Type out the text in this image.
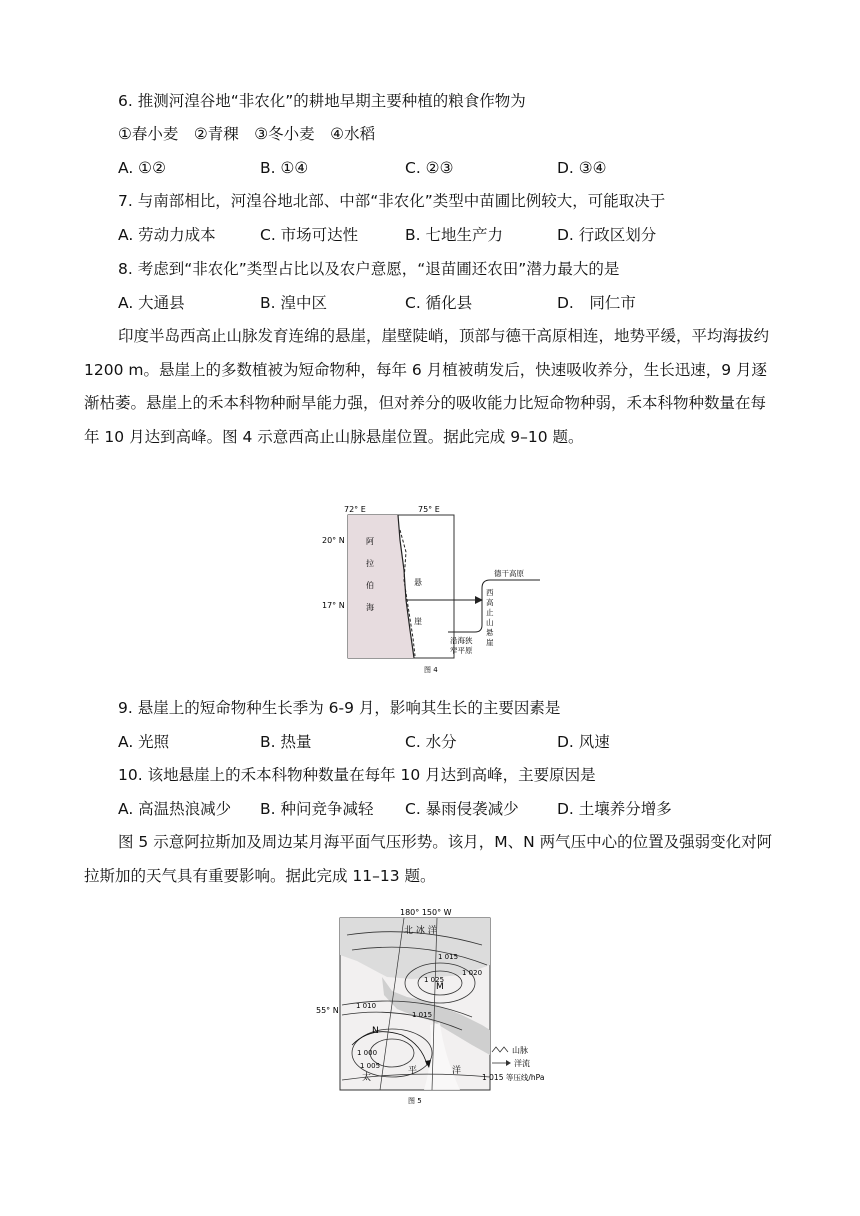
6. 推测河湟谷地“非农化”的耕地早期主要种植的粮食作物为
①春小麦　②青稞　③冬小麦　④水稻
A. ①②	B. ①④	C. ②③	D. ③④
7. 与南部相比，河湟谷地北部、中部“非农化”类型中苗圃比例较大，可能取决于
A. 劳动力成本	C. 市场可达性	B. 七地生产力	D. 行政区划分
8. 考虑到“非农化”类型占比以及农户意愿，“退苗圃还农田”潜力最大的是
A. 大通县	B. 湟中区	C. 循化县	D.　同仁市
印度半岛西高止山脉发育连绵的悬崖，崖壁陡峭，顶部与德干高原相连，地势平缓，平均海拔约 1200 m。悬崖上的多数植被为短命物种，每年 6 月植被萌发后，快速吸收养分，生长迅速，9 月逐渐枯萎。悬崖上的禾本科物种耐旱能力强，但对养分的吸收能力比短命物种弱，禾本科物种数量在每年 10 月达到高峰。图 4 示意西高止山脉悬崖位置。据此完成 9–10 题。
72° E	75° E
20° N
17° N
阿
拉
伯
海
悬
崖
德干高原
西
高
止
山
悬
崖
沿海狭
窄平原
图 4
9. 悬崖上的短命物种生长季为 6-9 月，影响其生长的主要因素是
A. 光照	B. 热量	C. 水分	D. 风速
10. 该地悬崖上的禾本科物种数量在每年 10 月达到高峰，主要原因是
A. 高温热浪减少 B. 种问竞争减轻 C. 暴雨侵袭减少 D. 土壤养分增多
图 5 示意阿拉斯加及周边某月海平面气压形势。该月，M、N 两气压中心的位置及强弱变化对阿拉斯加的天气具有重要影响。据此完成 11–13 题。
180° 150° W
55° N
北 冰 洋
1 015
1 025
1 020
1 010
1 015
1 000
1 005
M
N
太
平	洋
山脉
洋流
1 015 等压线/hPa
图 5
